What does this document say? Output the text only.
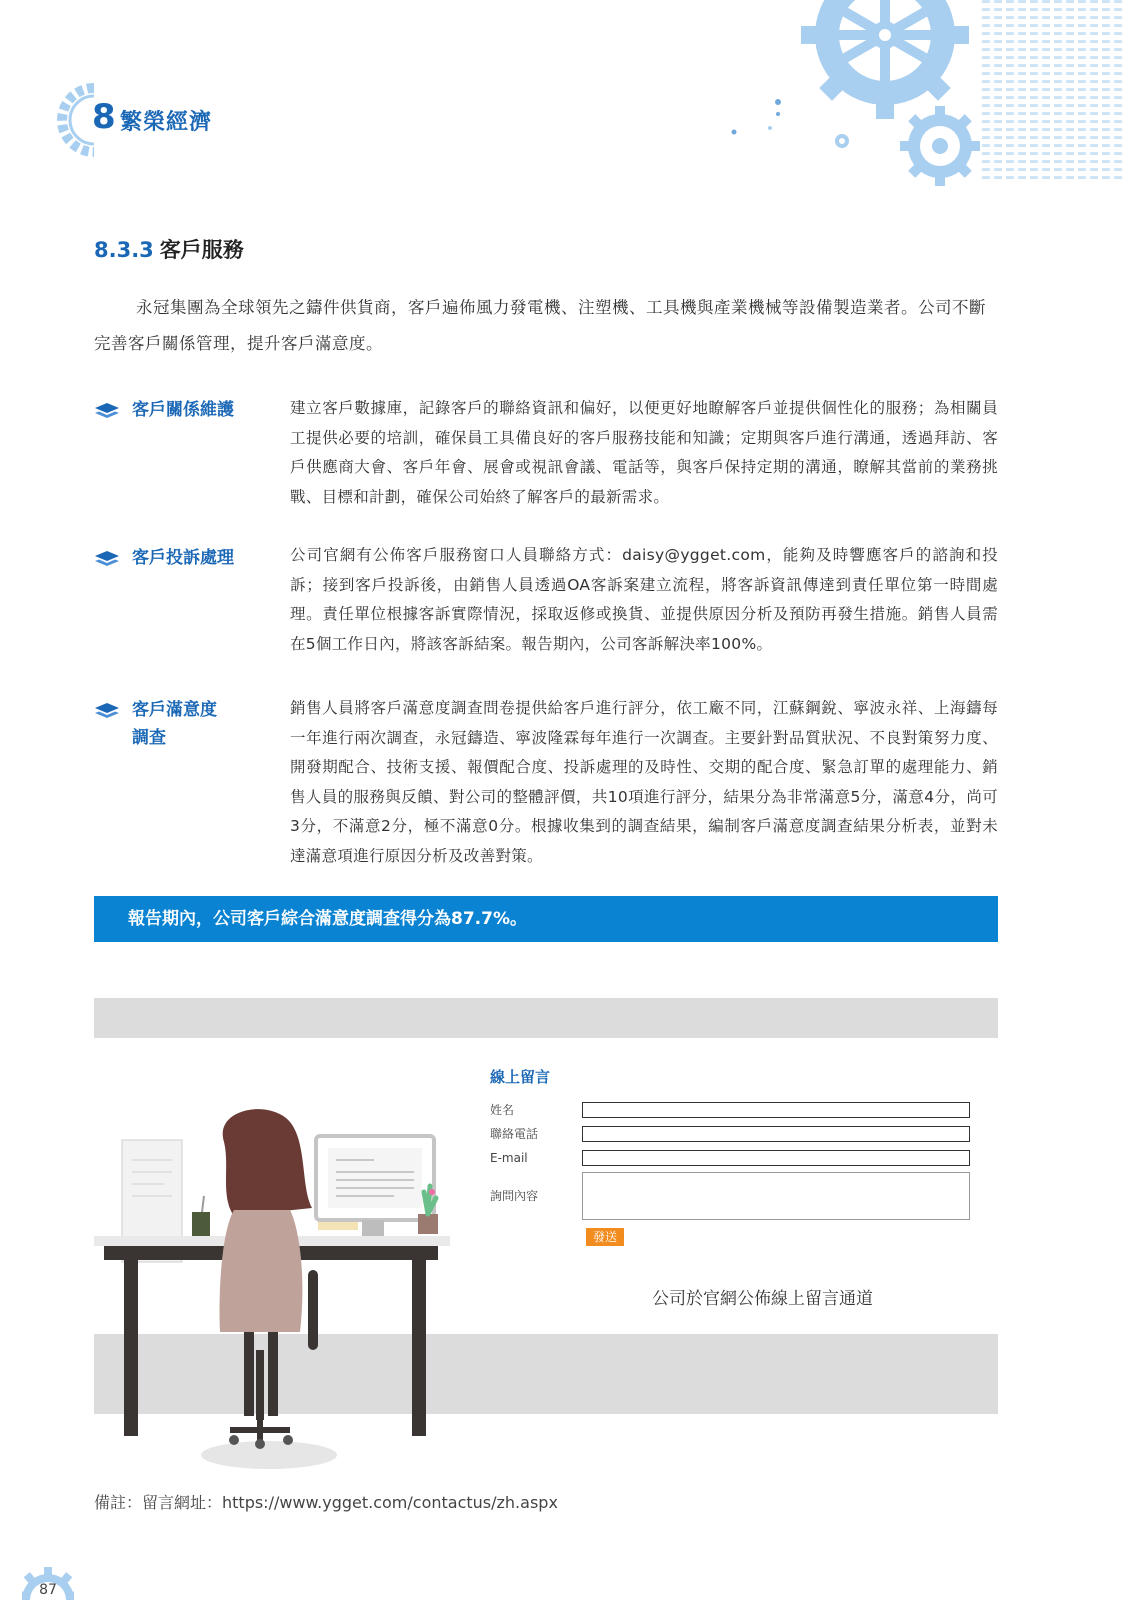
8 繁榮經濟
8.3.3 客戶服務
永冠集團為全球領先之鑄件供貨商，客戶遍佈風力發電機、注塑機、工具機與產業機械等設備製造業者。公司不斷完善客戶關係管理，提升客戶滿意度。
客戶關係維護	建立客戶數據庫，記錄客戶的聯絡資訊和偏好，以便更好地瞭解客戶並提供個性化的服務；為相關員工提供必要的培訓，確保員工具備良好的客戶服務技能和知識；定期與客戶進行溝通，透過拜訪、客戶供應商大會、客戶年會、展會或視訊會議、電話等，與客戶保持定期的溝通，瞭解其當前的業務挑戰、目標和計劃，確保公司始終了解客戶的最新需求。
客戶投訴處理	公司官網有公佈客戶服務窗口人員聯絡方式：daisy@ygget.com，能夠及時響應客戶的諮詢和投訴；接到客戶投訴後，由銷售人員透過OA客訴案建立流程，將客訴資訊傳達到責任單位第一時間處理。責任單位根據客訴實際情況，採取返修或換貨、並提供原因分析及預防再發生措施。銷售人員需在5個工作日內，將該客訴結案。報告期內，公司客訴解決率100%。
客戶滿意度
調查
銷售人員將客戶滿意度調查問卷提供給客戶進行評分，依工廠不同，江蘇鋼銳、寧波永祥、上海鑄每一年進行兩次調查，永冠鑄造、寧波隆霖每年進行一次調查。主要針對品質狀況、不良對策努力度、開發期配合、技術支援、報價配合度、投訴處理的及時性、交期的配合度、緊急訂單的處理能力、銷售人員的服務與反饋、對公司的整體評價，共10項進行評分，結果分為非常滿意5分，滿意4分，尚可3分，不滿意2分，極不滿意0分。根據收集到的調查結果，編制客戶滿意度調查結果分析表，並對未達滿意項進行原因分析及改善對策。
報告期內，公司客戶綜合滿意度調查得分為87.7%。
線上留言
姓名
聯絡電話
E-mail
詢問內容
發送
公司於官網公佈線上留言通道
備註：留言網址：https://www.ygget.com/contactus/zh.aspx
87
